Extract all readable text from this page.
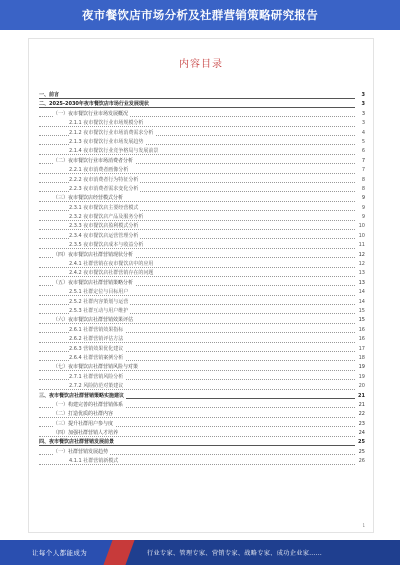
夜市餐饮店市场分析及社群营销策略研究报告
内容目录
一、前言	3
二、2025-2030年夜市餐饮店市场行业发展现状	3
（一）夜市餐饮行业市场发展概况	3
2.1.1 夜市餐饮行业市场规模分析	3
2.1.2 夜市餐饮行业市场消费需求分析	4
2.1.3 夜市餐饮行业市场发展趋势	5
2.1.4 夜市餐饮行业竞争格局与发展前景	6
（二）夜市餐饮行业市场消费者分析	7
2.2.1 夜市消费者画像分析	7
2.2.2 夜市消费者行为特征分析	8
2.2.3 夜市消费者需求变化分析	8
（三）夜市餐饮店经营模式分析	9
2.3.1 夜市餐饮店主要经营模式	9
2.3.2 夜市餐饮店产品及服务分析	9
2.3.3 夜市餐饮店盈利模式分析	10
2.3.4 夜市餐饮店运营管理分析	10
2.3.5 夜市餐饮店成本与收益分析	11
（四）夜市餐饮店社群营销现状分析	12
2.4.1 社群营销在夜市餐饮店中的应用	12
2.4.2 夜市餐饮店社群营销存在的问题	13
（五）夜市餐饮店社群营销策略分析	13
2.5.1 社群定位与目标用户	14
2.5.2 社群内容策划与运营	14
2.5.3 社群互动与用户维护	15
（六）夜市餐饮店社群营销效果评估	15
2.6.1 社群营销效果指标	16
2.6.2 社群营销评估方法	16
2.6.3 营销效果优化建议	17
2.6.4 社群营销案例分析	18
（七）夜市餐饮店社群营销风险与对策	19
2.7.1 社群营销风险分析	19
2.7.2 风险防范对策建议	20
三、夜市餐饮店社群营销策略实施建议	21
（一）构建完善的社群营销体系	21
（二）打造优质的社群内容	22
（三）提升社群用户参与度	23
（四）加强社群营销人才培养	24
四、夜市餐饮店社群营销发展前景	25
（一）社群营销发展趋势	25
4.1.1 社群营销新模式	26
1
让每个人都能成为	行业专家、管理专家、营销专家、战略专家、成功企业家……
